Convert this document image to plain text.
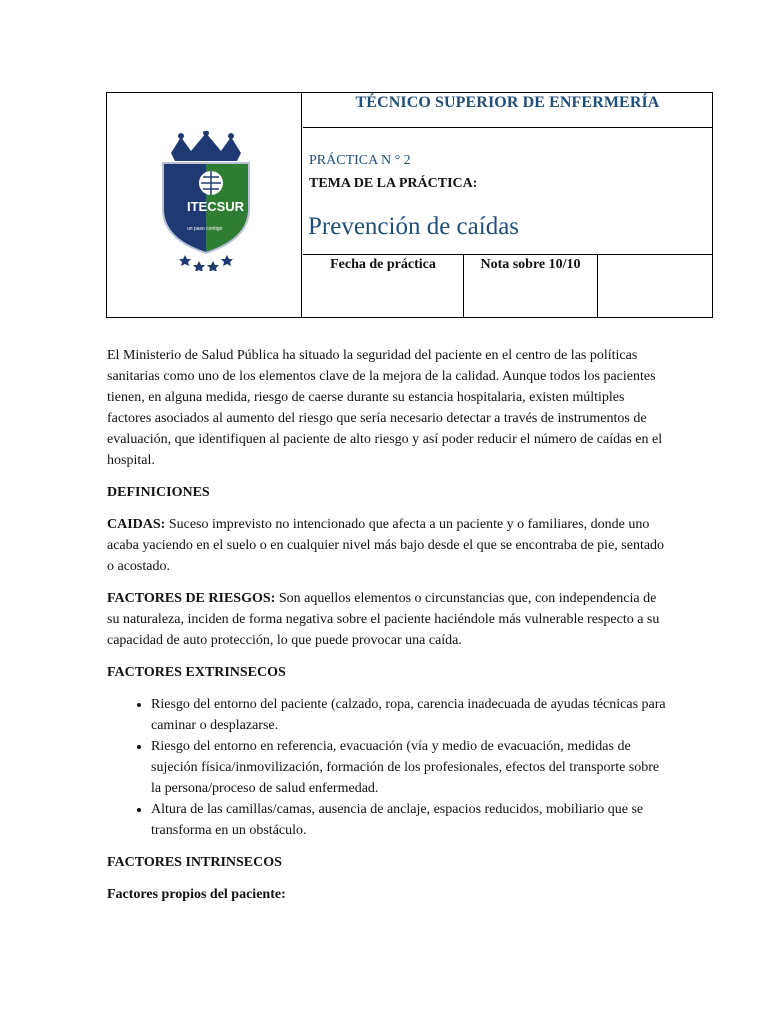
ITECSUR
un paso contigo
TÉCNICO SUPERIOR DE ENFERMERÍA
PRÁCTICA N ° 2
TEMA DE LA PRÁCTICA:
Prevención de caídas
Fecha de práctica	Nota sobre 10/10

El Ministerio de Salud Pública ha situado la seguridad del paciente en el centro de las políticas sanitarias como uno de los elementos clave de la mejora de la calidad. Aunque todos los pacientes tienen, en alguna medida, riesgo de caerse durante su estancia hospitalaria, existen múltiples factores asociados al aumento del riesgo que sería necesario detectar a través de instrumentos de evaluación, que identifiquen al paciente de alto riesgo y así poder reducir el número de caídas en el hospital.

DEFINICIONES

CAIDAS: Suceso imprevisto no intencionado que afecta a un paciente y o familiares, donde uno acaba yaciendo en el suelo o en cualquier nivel más bajo desde el que se encontraba de pie, sentado o acostado.

FACTORES DE RIESGOS: Son aquellos elementos o circunstancias que, con independencia de su naturaleza, inciden de forma negativa sobre el paciente haciéndole más vulnerable respecto a su capacidad de auto protección, lo que puede provocar una caída.

FACTORES EXTRINSECOS

• Riesgo del entorno del paciente (calzado, ropa, carencia inadecuada de ayudas técnicas para caminar o desplazarse.
• Riesgo del entorno en referencia, evacuación (vía y medio de evacuación, medidas de sujeción física/inmovilización, formación de los profesionales, efectos del transporte sobre la persona/proceso de salud enfermedad.
• Altura de las camillas/camas, ausencia de anclaje, espacios reducidos, mobiliario que se transforma en un obstáculo.

FACTORES INTRINSECOS

Factores propios del paciente:
